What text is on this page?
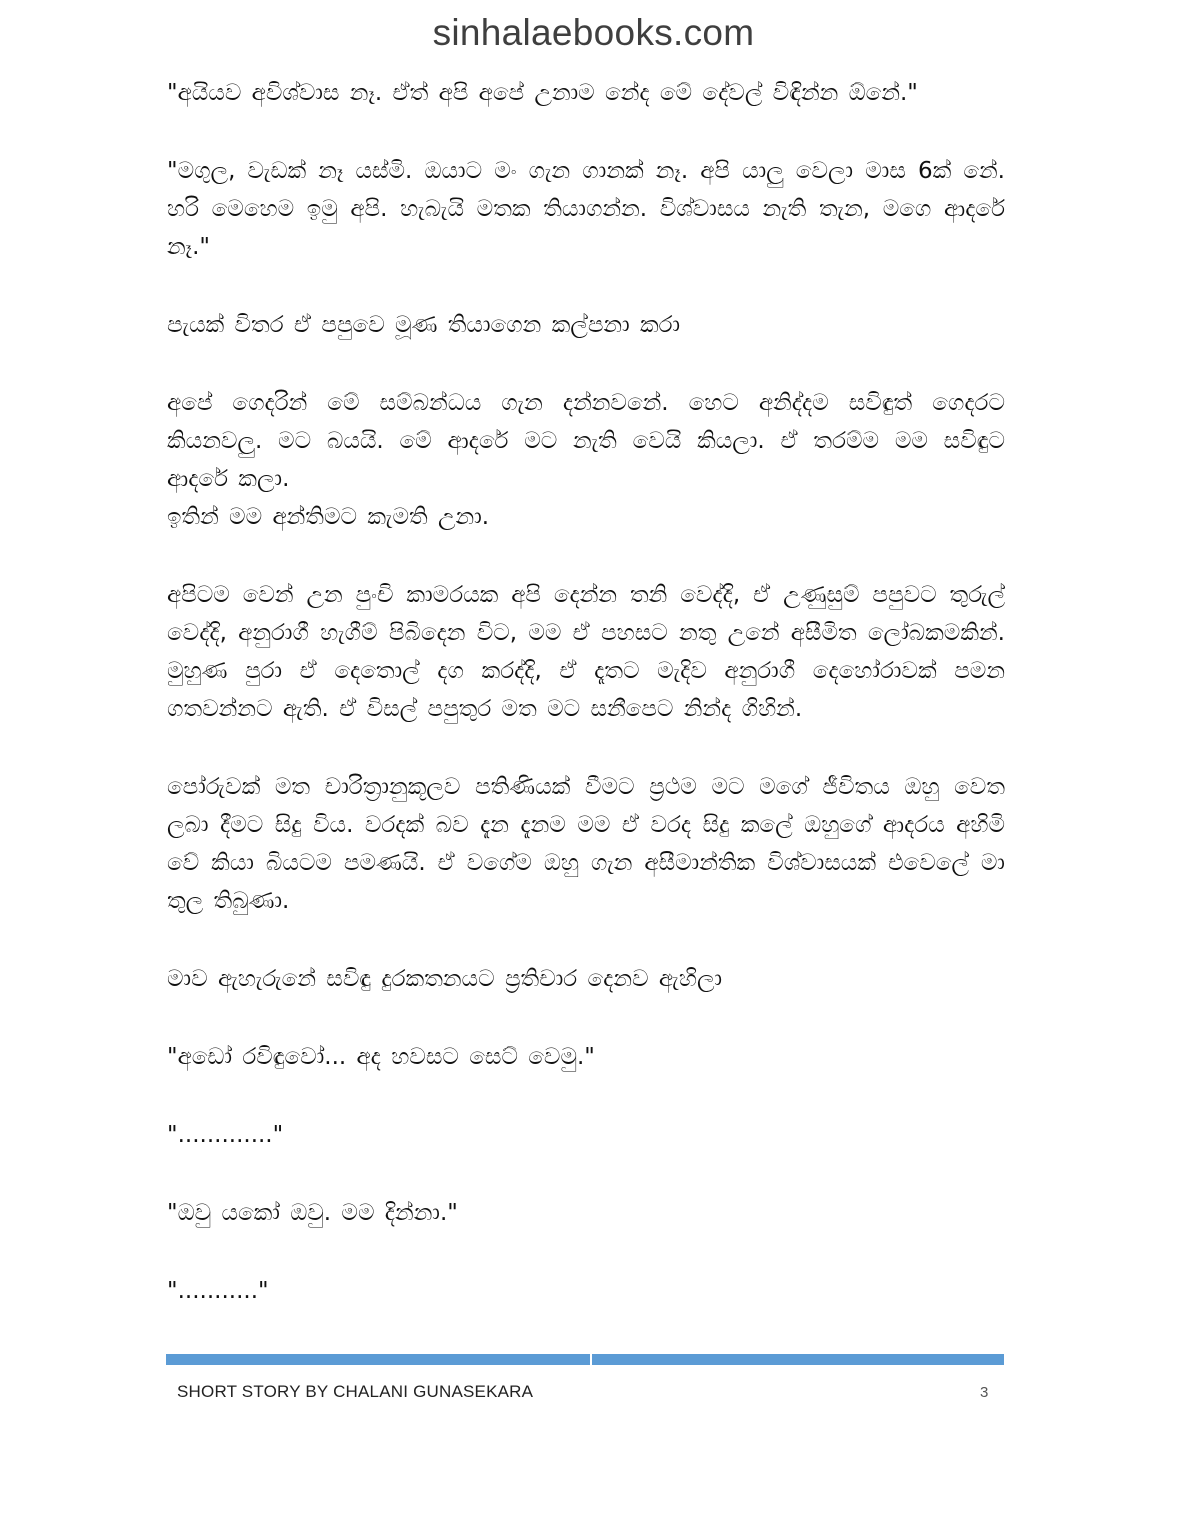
sinhalaebooks.com

"අයියව අවිශ්වාස නෑ. ඒත් අපි අපේ උනාම නේද මේ දේවල් විඳින්න ඕනේ."

"මගුල, වැඩක් නෑ යස්මි. ඔයාට මං ගැන ගානක් නෑ. අපි යාලු වෙලා මාස 6ක් නේ. හරි මෙහෙම ඉමු අපි. හැබැයි මතක තියාගන්න. විශ්වාසය නැති තැන, මගෙ ආදරේ නෑ."

පැයක් විතර ඒ පපුවෙ මූණ තියාගෙන කල්පනා කරා

අපේ ගෙදරින් මේ සම්බන්ධය ගැන දන්නවනේ. හෙට අනිද්දම සවිඳුත් ගෙදරට කියනවලු. මට බයයි. මේ ආදරේ මට නැති වෙයි කියලා. ඒ තරම්ම මම සවිඳුට ආදරේ කලා.

ඉතින් මම අන්තිමට කැමති උනා.

අපිටම වෙන් උන පුංචි කාමරයක අපි දෙන්න තනි වෙද්දි, ඒ උණුසුම් පපුවට තුරුල් වෙද්දි, අනුරාගී හැගීම් පිබිදෙන විට, මම ඒ පහසට නතු උනේ අසීමිත ලෝබකමකින්. මුහුණ පුරා ඒ දෙතොල් දග කරද්දි, ඒ දෑතට මැදිව අනුරාගී දෙහෝරාවක් පමන ගතවන්නට ඇති. ඒ විසල් පපුතුර මත මට සනීපෙට නින්ද ගිහින්.

පෝරුවක් මත චාරිත්‍රානුකූලව පතිණියක් වීමට ප්‍රථම මට මගේ ජීවිතය ඔහු වෙත ලබා දීමට සිදු විය. වරදක් බව දැන දැනම මම ඒ වරද සිදු කලේ ඔහුගේ ආදරය අහිමි වේ කියා බියටම පමණයි. ඒ වගේම ඔහු ගැන අසීමාන්තික විශ්වාසයක් එවෙලේ මා තුල තිබුණා.

මාව ඇහැරුනේ සවිඳු දුරකතනයට ප්‍රතිචාර දෙනව ඇහිලා

"අඩෝ රවිඳුවෝ... අද හවසට සෙට් වෙමු."

"............."

"ඔවු යකෝ ඔවු. මම දින්නා."

"..........."

SHORT STORY BY CHALANI GUNASEKARA	3
